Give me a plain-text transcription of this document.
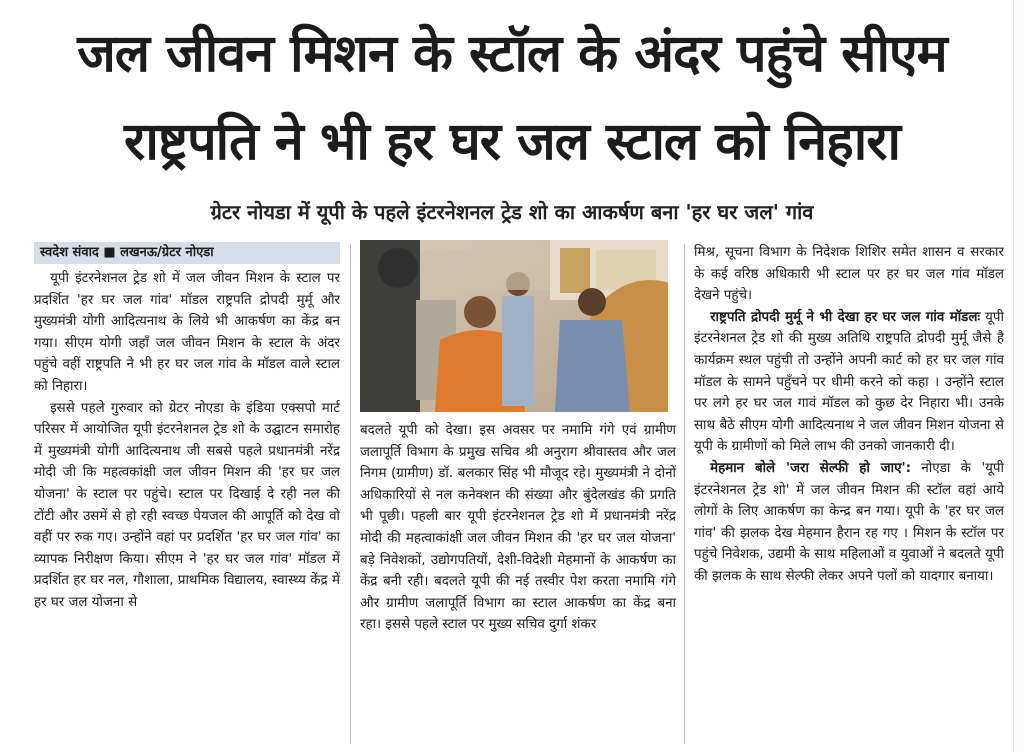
जल जीवन मिशन के स्टॉल के अंदर पहुंचे सीएम
राष्ट्रपति ने भी हर घर जल स्टाल को निहारा
ग्रेटर नोयडा में यूपी के पहले इंटरनेशनल ट्रेड शो का आकर्षण बना 'हर घर जल' गांव
स्वदेश संवाद ■ लखनऊ/ग्रेटर नोएडा

यूपी इंटरनेशनल ट्रेड शो में जल जीवन मिशन के स्टाल पर प्रदर्शित 'हर घर जल गांव' मॉडल राष्ट्रपति द्रोपदी मुर्मू और मुख्यमंत्री योगी आदित्यनाथ के लिये भी आकर्षण का केंद्र बन गया। सीएम योगी जहाँ जल जीवन मिशन के स्टाल के अंदर पहुंचे वहीं राष्ट्रपति ने भी हर घर जल गांव के मॉडल वाले स्टाल को निहारा।

इससे पहले गुरुवार को ग्रेटर नोएडा के इंडिया एक्सपो मार्ट परिसर में आयोजित यूपी इंटरनेशनल ट्रेड शो के उद्घाटन समारोह में मुख्यमंत्री योगी आदित्यनाथ जी सबसे पहले प्रधानमंत्री नरेंद्र मोदी जी कि महत्वकांक्षी जल जीवन मिशन की 'हर घर जल योजना' के स्टाल पर पहुंचे। स्टाल पर दिखाई दे रही नल की टोंटी और उसमें से हो रही स्वच्छ पेयजल की आपूर्ति को देख वो वहीं पर रुक गए। उन्होंने वहां पर प्रदर्शित 'हर घर जल गांव' का व्यापक निरीक्षण किया। सीएम ने 'हर घर जल गांव' मॉडल में प्रदर्शित हर घर नल, गौशाला, प्राथमिक विद्यालय, स्वास्थ्य केंद्र में हर घर जल योजना से

बदलते यूपी को देखा। इस अवसर पर नमामि गंगे एवं ग्रामीण जलापूर्ति विभाग के प्रमुख सचिव श्री अनुराग श्रीवास्तव और जल निगम (ग्रामीण) डॉ. बलकार सिंह भी मौजूद रहे। मुख्यमंत्री ने दोनों अधिकारियों से नल कनेक्शन की संख्या और बुंदेलखंड की प्रगति भी पूछी। पहली बार यूपी इंटरनेशनल ट्रेड शो में प्रधानमंत्री नरेंद्र मोदी की महत्वाकांक्षी जल जीवन मिशन की 'हर घर जल योजना' बड़े निवेशकों, उद्योगपतियों, देशी-विदेशी मेहमानों के आकर्षण का केंद्र बनी रही। बदलते यूपी की नई तस्वीर पेश करता नमामि गंगे और ग्रामीण जलापूर्ति विभाग का स्टाल आकर्षण का केंद्र बना रहा। इससे पहले स्टाल पर मुख्य सचिव दुर्गा शंकर

मिश्र, सूचना विभाग के निदेशक शिशिर समेत शासन व सरकार के कई वरिष्ठ अधिकारी भी स्टाल पर हर घर जल गांव मॉडल देखने पहुंचे।

राष्ट्रपति द्रोपदी मुर्मू ने भी देखा हर घर जल गांव मॉडलः यूपी इंटरनेशनल ट्रेड शो की मुख्य अतिथि राष्ट्रपति द्रोपदी मुर्मू जैसे है कार्यक्रम स्थल पहुंची तो उन्होंने अपनी कार्ट को हर घर जल गांव मॉडल के सामने पहुँचने पर धीमी करने को कहा । उन्होंने स्टाल पर लगे हर घर जल गावं मॉडल को कुछ देर निहारा भी। उनके साथ बैठे सीएम योगी आदित्यनाथ ने जल जीवन मिशन योजना से यूपी के ग्रामीणों को मिले लाभ की उनको जानकारी दी।

मेहमान बोले 'जरा सेल्फी हो जाए': नोएडा के 'यूपी इंटरनेशनल ट्रेड शो' में जल जीवन मिशन की स्टॉल वहां आये लोगों के लिए आकर्षण का केन्द्र बन गया। यूपी के 'हर घर जल गांव' की झलक देख मेहमान हैरान रह गए । मिशन के स्टॉल पर पहुंचे निवेशक, उद्यमी के साथ महिलाओं व युवाओं ने बदलते यूपी की झलक के साथ सेल्फी लेकर अपने पलों को यादगार बनाया।
